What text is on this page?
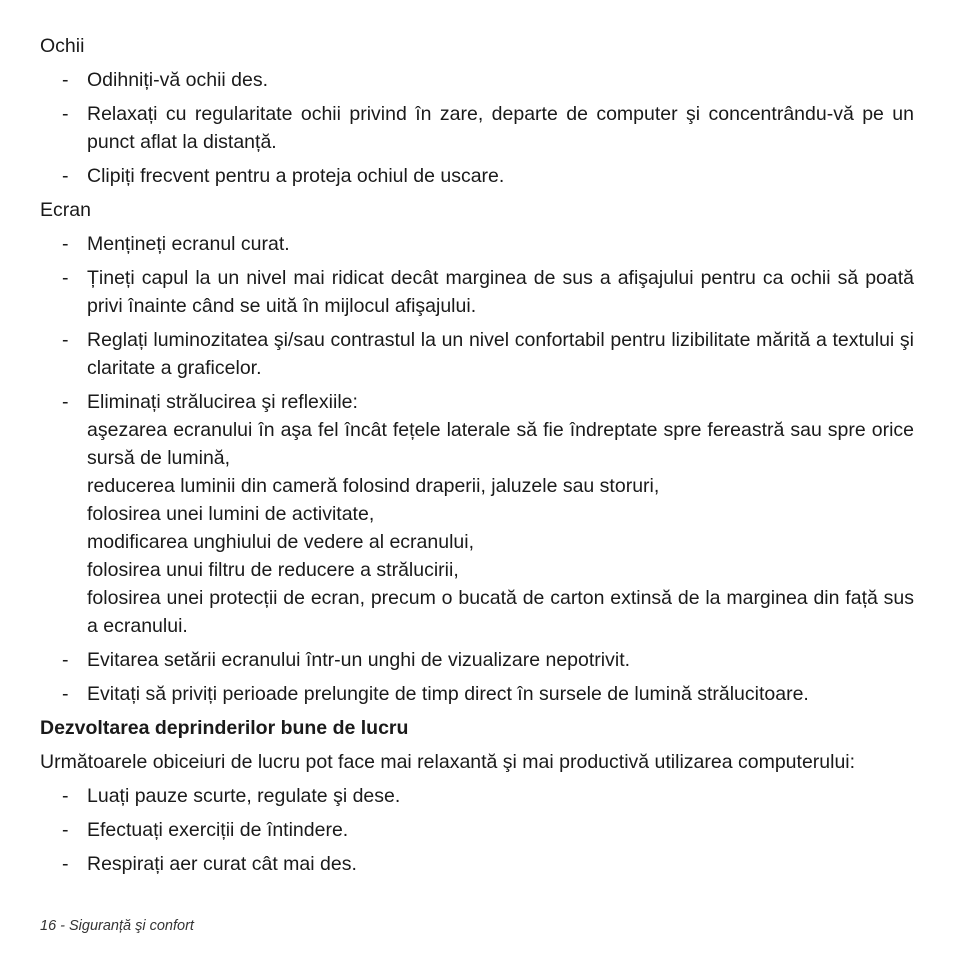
Ochii

- Odihniți-vă ochii des.
- Relaxați cu regularitate ochii privind în zare, departe de computer şi concentrându-vă pe un punct aflat la distanță.
- Clipiți frecvent pentru a proteja ochiul de uscare.

Ecran

- Mențineți ecranul curat.
- Țineți capul la un nivel mai ridicat decât marginea de sus a afişajului pentru ca ochii să poată privi înainte când se uită în mijlocul afişajului.
- Reglați luminozitatea şi/sau contrastul la un nivel confortabil pentru lizibilitate mărită a textului şi claritate a graficelor.
- Eliminați strălucirea şi reflexiile:
aşezarea ecranului în aşa fel încât fețele laterale să fie îndreptate spre fereastră sau spre orice sursă de lumină,
reducerea luminii din cameră folosind draperii, jaluzele sau storuri,
folosirea unei lumini de activitate,
modificarea unghiului de vedere al ecranului,
folosirea unui filtru de reducere a strălucirii,
folosirea unei protecții de ecran, precum o bucată de carton extinsă de la marginea din față sus a ecranului.
- Evitarea setării ecranului într-un unghi de vizualizare nepotrivit.
- Evitați să priviți perioade prelungite de timp direct în sursele de lumină strălucitoare.

Dezvoltarea deprinderilor bune de lucru

Următoarele obiceiuri de lucru pot face mai relaxantă şi mai productivă utilizarea computerului:

- Luați pauze scurte, regulate şi dese.
- Efectuați exerciții de întindere.
- Respirați aer curat cât mai des.
16 - Siguranță şi confort
